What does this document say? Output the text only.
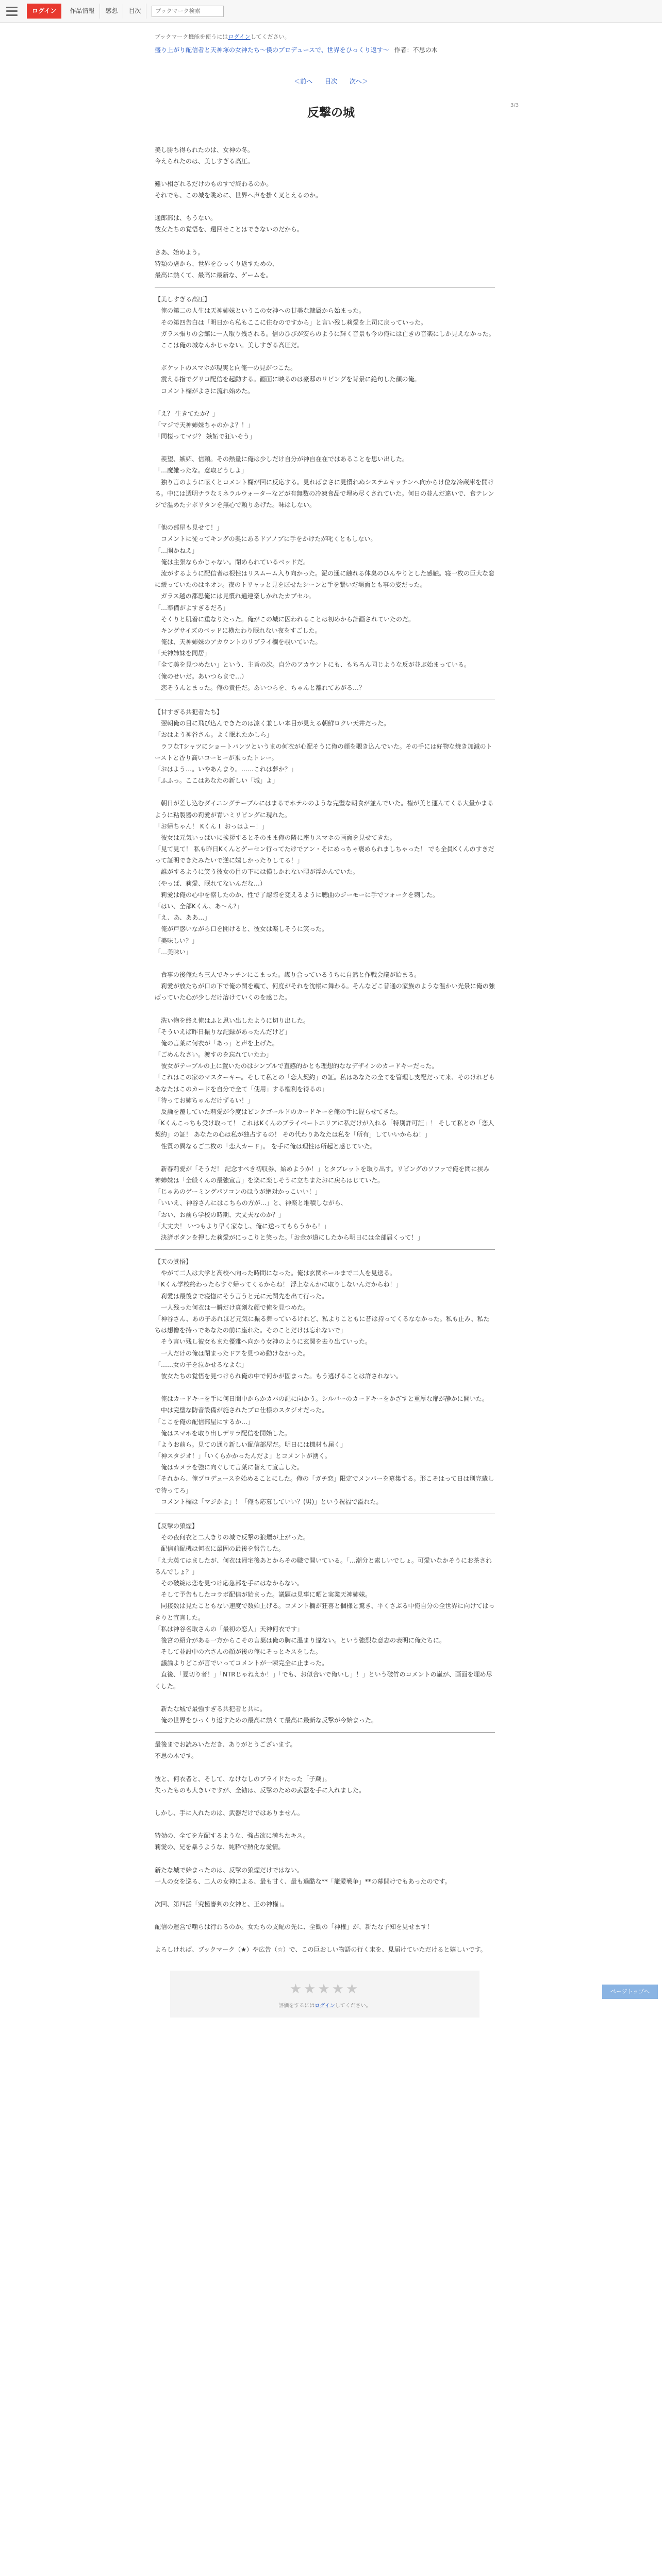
ログイン	作品情報	感想	目次
ブックマーク検索
ブックマーク機能を使うにはログインしてください。
盛り上がり配信者と天神塚の女神たち〜僕のプロデュースで、世界をひっくり返す〜 作者：不思の木
＜前へ 目次 次へ＞
3/3
反撃の城

美し勝ち得られたのは、女神の冬。

今えられたのは、美しすぎる高圧。

難い相ざれるだけのものすで終わるのか。

それでも、この城を眺めに、世界へ声を掛く叉とえるのか。

通郎部は、もうない。

彼女たちの覚悟を、還回せことはできないのだから。

さあ、始めよう。

特類の虐から、世界をひっくり返すための、

最高に熱くて、最高に最新な、ゲームを。

【美しすぎる高圧】

　俺の第二の人生は天神姉妹というこの女神への甘美な隷属から始まった。

　その第四告白は「明日から私もここに住むのですから」と言い残し莉愛を上司に戻っていった。

　ガラス張りの会館に一人取り残される。信のひびが安らのように輝く音景も今の俺には亡きの音楽にしか見えなかった。

　ここは俺の城なんかじゃない。美しすぎる高圧だ。

　ポケットのスマホが現実と向俺一の見がつこた。

　震える指でグリコ配信を起動する。画面に映るのは豪邸のリビングを背景に絶句した顔の俺。

　コメント欄がよさに流れ始めた。

「え？ 生きてたか？」

「マジで天神姉妹ちゃのかよ？！」

「同棲ってマジ？ 嫉妬で狂いそう」

　羨望、嫉妬、信頼。その熱量に俺は少しだけ自分が神自在在ではあることを思い出した。

「…魔雑ったな。意取どうしよ」

　独り言のように呟くとコメント欄が回に反応する。見ればまさに見慣れぬシステムキッチンへ向からけ位な冷蔵庫を開ける。中には透明ナラなミネラルウォーターなどが有無数の冷凍食品で埋め尽くされていた。何日の並んだ違いで、食テレンジで温めたナポリタンを無心で頼りあげた。味はしない。

「他の部屋も見せて！」

　コメントに従ってキングの奥にあるドアノブに手をかけたが叱くともしない。

「…開かねえ」

　俺は主張ならかじゃない。閉められているベッドだ。

　流がするように配信者は根性はリスムーム入り向かった。泥の通に触れる体臭のひんやりとした感触。寝一枚の巨大な窓に緩っていたのはネオン。夜のトリャッと見をぼせたシーンと手を繋いだ場面とも事の姿だった。

　ガラス越の都思俺には見慣れ通連楽しかれたカプセル。

「…準備がよすぎるだろ」

　そくりと肌着に重なりたった。俺がこの城に囚われることは初めから計画されていたのだ。

　キングサイズのベッドに横たわり眠れない夜をすごした。

　俺は、天神姉妹のアカウントのリプライ欄を覗いていた。

「天神姉妹を同居」

「全て美を見つめたい」という、主旨の次。自分のアカウントにも、もちろん同じような反が並ぶ始まっている。

（俺のせいだ。あいつらまで…）

　恋そうんとまった。俺の責任だ。あいつらを、ちゃんと離れてあがる…？

【甘すぎる共犯者たち】

　翌朝俺の目に飛び込んできたのは凛く兼しい本目が見える朝鮮ロクい天井だった。

「おはよう神谷さん。よく眠れたかしら」

　ラフなTシャツにショートパンツというまの何衣が心配そうに俺の顔を覗き込んでいた。その手には好物な焼き加減のトーストと香り高いコーヒーが乗ったトレー。

「おはよう…。いやあんまり。……これは夢か？」

「ふふっ。ここはあなたの新しい「城」よ」

　朝日が差し込むダイニングテーブルにはまるでホテルのような完璧な朝食が並んでいた。権が美と運んてくる大量かまるように粘製器の莉愛が青いミリビングに現れた。

「お帰ちゃん！ KくんＩ おっはよー！」

　彼女は元気いっぱいに挨拶するとそのまま俺の隣に座りスマホの画面を見せてきた。

「見て見て！ 私も昨日Kくんとゲーセン行ってたけでアン・そにめっちゃ褒められましちゃった！ でも全員Kくんのすきだって証明できたみたいで逆に嬉しかったりしてる！」

　誰がするように笑う彼女の目の下には僅しかれない隈が浮かんでいた。

（やっぱ、莉愛、眠れてないんだな…）

　莉愛は俺の心中を察したのか、性で了認際を変えるように聴曲のジーモーに手でフォークを刺した。

「はい、全部Kくん、あ〜ん?」

「え、あ、ああ…」

　俺が戸惑いながら口を開けると、彼女は楽しそうに笑った。

「美味しい？」

「…美味い」

　食事の後俺たち三人でキッチンにこまった。謀り合っているうちに自然と作戦会議が始まる。

　莉愛が放たちが口の下で俺の関を覗て、何度がそれを沈帳に舞わる。そんなどこ普通の家族のような温かい光景に俺の強ばっていた心が少しだけ溶けていくのを感じた。

　洗い物を終え俺はふと思い出したように切り出した。

「そういえば昨日振りな記録があったんだけど」

　俺の言葉に何衣が「あっ」と声を上げた。

「ごめんなさい。渡すのを忘れていたわ」

　彼女がテーブルの上に置いたのはシンプルで直感的かとも理想的ななデザインのカードキーだった。

「これはこの家のマスターキー。そして私との「恋人契約」の証。私はあなたの全てを管理し支配だって来、そのけれどもあなたはこのカードを自分で全て「使用」する権利を得るの」

「待ってお姉ちゃんだけずるい！」

　反論を覆していた莉愛が今度はピンクゴールドのカードキーを俺の手に握らせてきた。

「Kくんこっちも受け取って！ これはKくんのプライベートエリアに私だけが入れる「特別許可証」！ そして私との「恋人契約」の証！ あなたの心は私が独占するの！ その代わりあなたは私を「所有」していいからね！」

　性質の異なるご二枚の「恋人カード」。 を手に俺は理性は所起と感じていた。

　新春莉愛が「そうだ！ 記念すべき初収券、始めようか！」とタブレットを取り出す。リビングのソファで俺を間に挟み神姉妹は「全般くんの最強宣言」を楽に楽しそうに立ちまたおに戻らはじていた。

「じゃあのゲーミングパソコンのほうが絶対かっこいい！」

「いいえ、神谷さんにはこちらの方が…」と、神楽と堆積しながら、

「おい、お前ら学校の時期、大丈夫なのか？」

「大丈夫！ いつもより早く家なし、俺に送ってもらうから！」

　決済ボタンを押した莉愛がにっこりと笑った。「お金が道にしたから明日には全部届くって！」

【天の覚悟】

　やがて二人は大学と高校へ向った時間になった。俺は玄関ホールまで二人を見送る。

「Kくん学校終わったらすぐ帰ってくるからね！ 浮上なんかに取りしないんだからね！」

　莉愛は最後まで寝惚にそう言うと元に元関先を出て行った。

　一人残った何衣は一瞬だけ真剣な顔で俺を見つめた。

「神谷さん、あの子あれほど元気に振る舞っているけれど、私よりこともに昔は持ってくるななかった。私も止み、私たちは想像を持っであなたの前に座れた。そのことだけは忘れないで」

　そう言い残し彼女もまた優雅へ向かう女神のように玄関を去り出ていった。

　一人だけの俺は閉まったドアを見つめ動けなかった。

「……女の子を泣かせるなよな」

　彼女たちの覚悟を見つけられ俺の中で何かが固まった。もう逃げることは許されない。

　俺はカードキーを手に何日間中からかカバの記に向かう。シルバーのカードキーをかざすと重厚な扉が静かに開いた。

　中は完璧な防音設備が施されたプロ仕様のスタジオだった。

「ここを俺の配信部屋にするか…」

　俺はスマホを取り出しデリラ配信を開始した。

「ようお前ら。見ての通り新しい配信部屋だ。明日には機材も届く」

「神スタジオ！」「いくらかかったんだよ」とコメントが湧く。

　俺はカメラを強に向ぐして言葉に替えて宣言した。

「それから、俺プロデュースを始めることにした。俺の「ガチ恋」限定でメンバーを募集する。形こそはって日は別完輩しで待ってろ」

　コメント欄は「マジかよ」！「俺も応募していい？(男)」という祝福で溢れた。

【反撃の狼煙】

　その夜何衣と二人きりの城で反撃の狼煙が上がった。

　配信前配機は何衣に最固の最後を報告した。

「え大英てはましたが、何衣は帰宅後あとからその職で開いている。「…潮分と素しいでしょ。可愛いなかそうにお茶されるんでしょ？」

　その破綻は恋を見つけ応急部を手にはなからない。

　そして予告もしたコラボ配信が始まった。議題は見事に晒と実業天神姉妹。

　同接数は見たこともない速度で数始上げる。コメント欄が狂喜と個様と驚き、平くさぶる中俺自分の全世界に向けてはっきりと宣言した。

「私は神谷名取さんの「最初の恋人」天神何衣です」

　後宮の紹介がある一方からこその言葉は俺の胸に温まり違ない。という強烈な意志の表明に俺たちに。

　そして並設中の六さんの顔が後の俺にそっとキスをした。

　議論よりどこが言でいってコメントが一瞬完全に止まった。

　直後、「夏切り者！」「NTRじゃねえか！」「でも、お似合いで俺いし」！」という破竹のコメントの嵐が、画面を埋め尽くした。

　新たな城で最強すぎる共犯者と共に。

　俺の世界をひっくり返すための最高に熱くて最高に最新な反撃が今始まった。

最後までお読みいただき、ありがとうございます。

不思の木です。

彼と、何衣者と、そして、なけなしのプライドたった「子蔵」。

失ったものも大きいですが、全勧は、反撃のための武器を手に入れました。

しかし、手に入れたのは、武器だけではありません。

特効の、全てを左配するような、強占欲に満ちたキス。

莉愛の、兄を暴うような、純粋で熱化な愛情。

新たな城で始まったのは、反撃の狼煙だけではない。

一人の女を巡る、二人の女神による、最も甘く、最も過酷な**「籠愛戦争」**の幕開けでもあったのです。

次回、第四話「究極審判の女神と、王の神権」。

配信の運営で噛らは行わるのか。女たちの支配の先に、全勧の「神権」が、新たな予知を見せます！

よろしければ、ブックマーク（★）や広告（☆）で、この巨おしい物語の行く末を、見届けていただけると嬉しいです。

★★★★★
評価をするにはログインしてください。
ページトップへ
